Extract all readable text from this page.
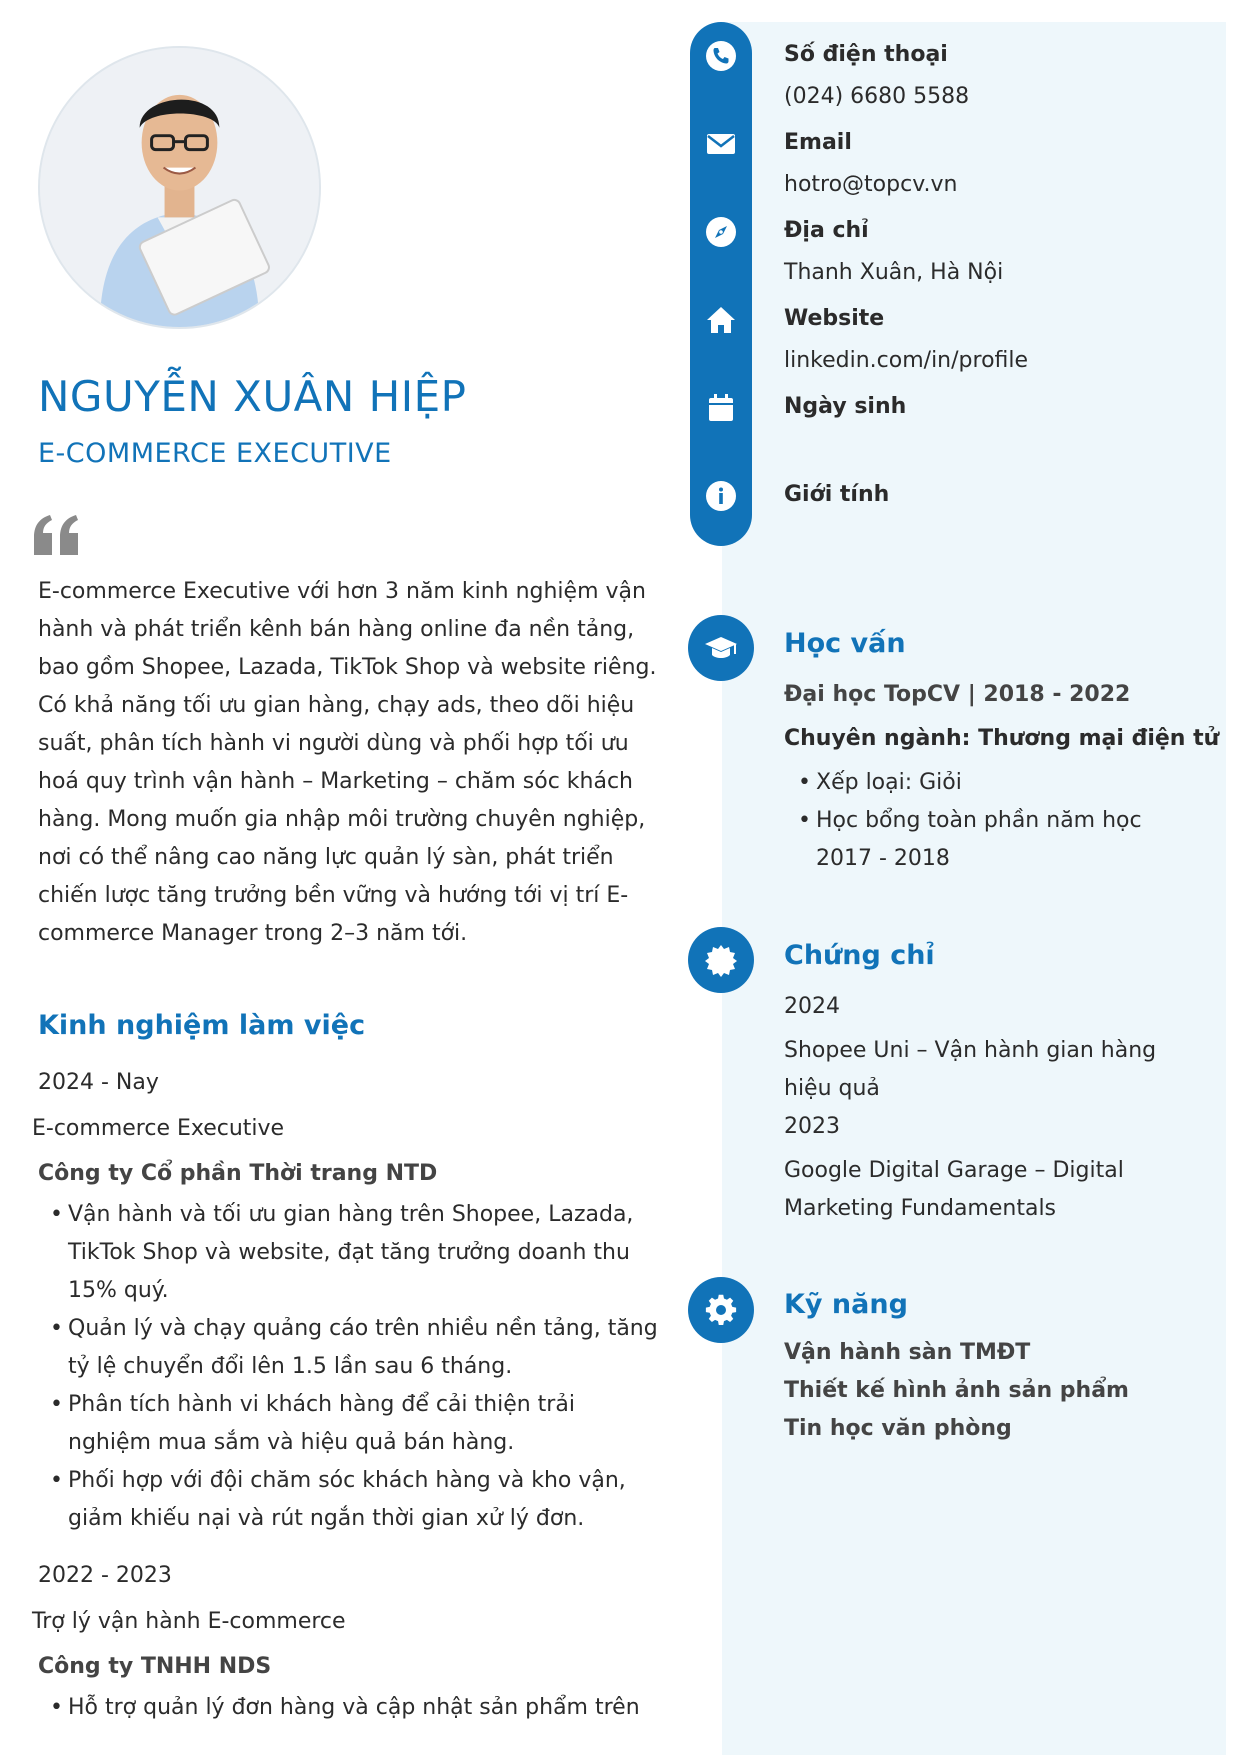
NGUYỄN XUÂN HIỆP
E-COMMERCE EXECUTIVE
E-commerce Executive với hơn 3 năm kinh nghiệm vận hành và phát triển kênh bán hàng online đa nền tảng, bao gồm Shopee, Lazada, TikTok Shop và website riêng. Có khả năng tối ưu gian hàng, chạy ads, theo dõi hiệu suất, phân tích hành vi người dùng và phối hợp tối ưu hoá quy trình vận hành – Marketing – chăm sóc khách hàng. Mong muốn gia nhập môi trường chuyên nghiệp, nơi có thể nâng cao năng lực quản lý sàn, phát triển chiến lược tăng trưởng bền vững và hướng tới vị trí E-commerce Manager trong 2–3 năm tới.
Kinh nghiệm làm việc
2024 - Nay
E-commerce Executive
Công ty Cổ phần Thời trang NTD
• Vận hành và tối ưu gian hàng trên Shopee, Lazada, TikTok Shop và website, đạt tăng trưởng doanh thu 15% quý.
• Quản lý và chạy quảng cáo trên nhiều nền tảng, tăng tỷ lệ chuyển đổi lên 1.5 lần sau 6 tháng.
• Phân tích hành vi khách hàng để cải thiện trải nghiệm mua sắm và hiệu quả bán hàng.
• Phối hợp với đội chăm sóc khách hàng và kho vận, giảm khiếu nại và rút ngắn thời gian xử lý đơn.
2022 - 2023
Trợ lý vận hành E-commerce
Công ty TNHH NDS
• Hỗ trợ quản lý đơn hàng và cập nhật sản phẩm trên
Số điện thoại
(024) 6680 5588
Email
hotro@topcv.vn
Địa chỉ
Thanh Xuân, Hà Nội
Website
linkedin.com/in/profile
Ngày sinh
Giới tính
Học vấn
Đại học TopCV | 2018 - 2022
Chuyên ngành: Thương mại điện tử
• Xếp loại: Giỏi
• Học bổng toàn phần năm học 2017 - 2018
Chứng chỉ
2024
Shopee Uni – Vận hành gian hàng hiệu quả
2023
Google Digital Garage – Digital Marketing Fundamentals
Kỹ năng
Vận hành sàn TMĐT
Thiết kế hình ảnh sản phẩm
Tin học văn phòng
